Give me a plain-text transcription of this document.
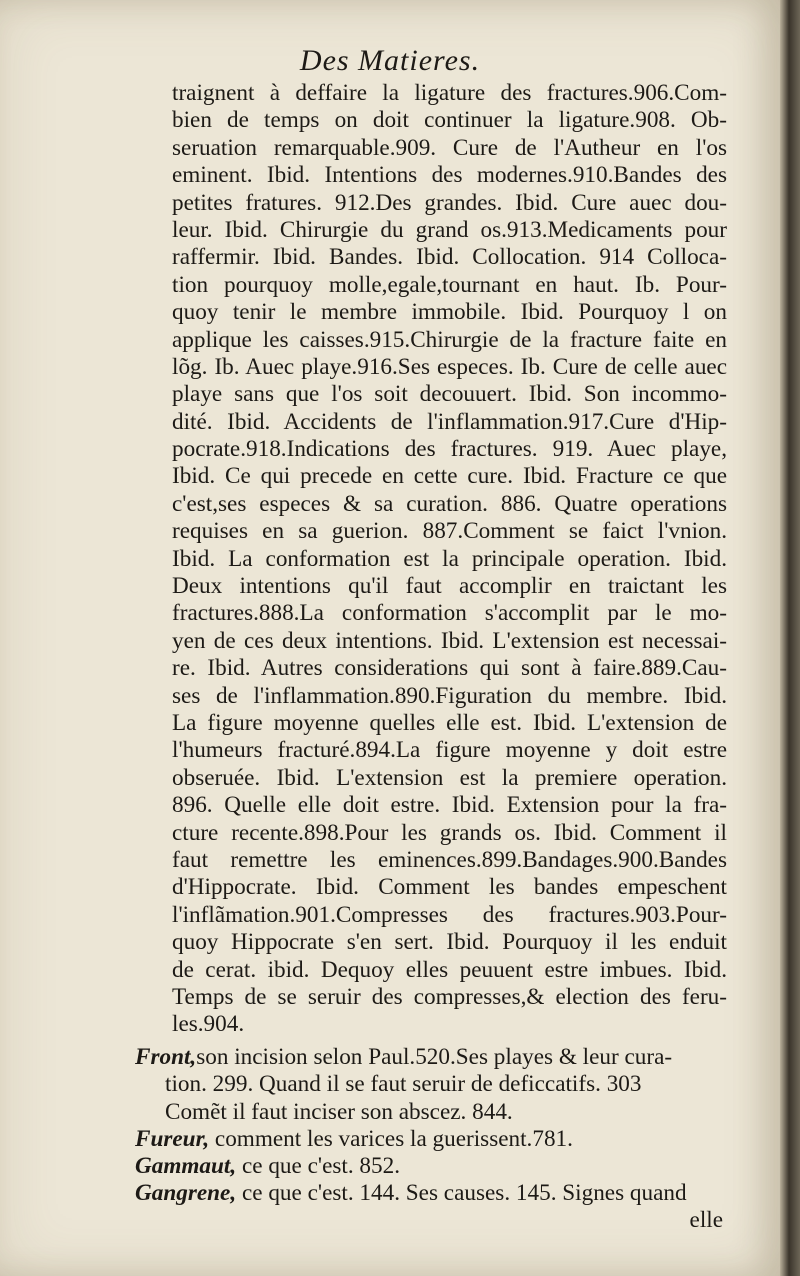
Des Matieres.
traignent à deffaire la ligature des fractures.906.Com-
bien de temps on doit continuer la ligature.908. Ob-
seruation remarquable.909. Cure de l'Autheur en l'os
eminent. Ibid. Intentions des modernes.910.Bandes des
petites fratures. 912.Des grandes. Ibid. Cure auec dou-
leur. Ibid. Chirurgie du grand os.913.Medicaments pour
raffermir. Ibid. Bandes. Ibid. Collocation. 914 Colloca-
tion pourquoy molle,egale,tournant en haut. Ib. Pour-
quoy tenir le membre immobile. Ibid. Pourquoy l on
applique les caisses.915.Chirurgie de la fracture faite en
lõg. Ib. Auec playe.916.Ses especes. Ib. Cure de celle auec
playe sans que l'os soit decouuert. Ibid. Son incommo-
dité. Ibid. Accidents de l'inflammation.917.Cure d'Hip-
pocrate.918.Indications des fractures. 919. Auec playe,
Ibid. Ce qui precede en cette cure. Ibid. Fracture ce que
c'est,ses especes & sa curation. 886. Quatre operations
requises en sa guerion. 887.Comment se faict l'vnion.
Ibid. La conformation est la principale operation. Ibid.
Deux intentions qu'il faut accomplir en traictant les
fractures.888.La conformation s'accomplit par le mo-
yen de ces deux intentions. Ibid. L'extension est necessai-
re. Ibid. Autres considerations qui sont à faire.889.Cau-
ses de l'inflammation.890.Figuration du membre. Ibid.
La figure moyenne quelles elle est. Ibid. L'extension de
l'humeurs fracturé.894.La figure moyenne y doit estre
obseruée. Ibid. L'extension est la premiere operation.
896. Quelle elle doit estre. Ibid. Extension pour la fra-
cture recente.898.Pour les grands os. Ibid. Comment il
faut remettre les eminences.899.Bandages.900.Bandes
d'Hippocrate. Ibid. Comment les bandes empeschent
l'inflãmation.901.Compresses des fractures.903.Pour-
quoy Hippocrate s'en sert. Ibid. Pourquoy il les enduit
de cerat. ibid. Dequoy elles peuuent estre imbues. Ibid.
Temps de se seruir des compresses,& election des feru-
les.904.
Front,son incision selon Paul.520.Ses playes & leur cura-
tion. 299. Quand il se faut seruir de deficcatifs. 303
Comẽt il faut inciser son abscez. 844.
Fureur, comment les varices la guerissent.781.
Gammaut, ce que c'est. 852.
Gangrene, ce que c'est. 144. Ses causes. 145. Signes quand
elle
